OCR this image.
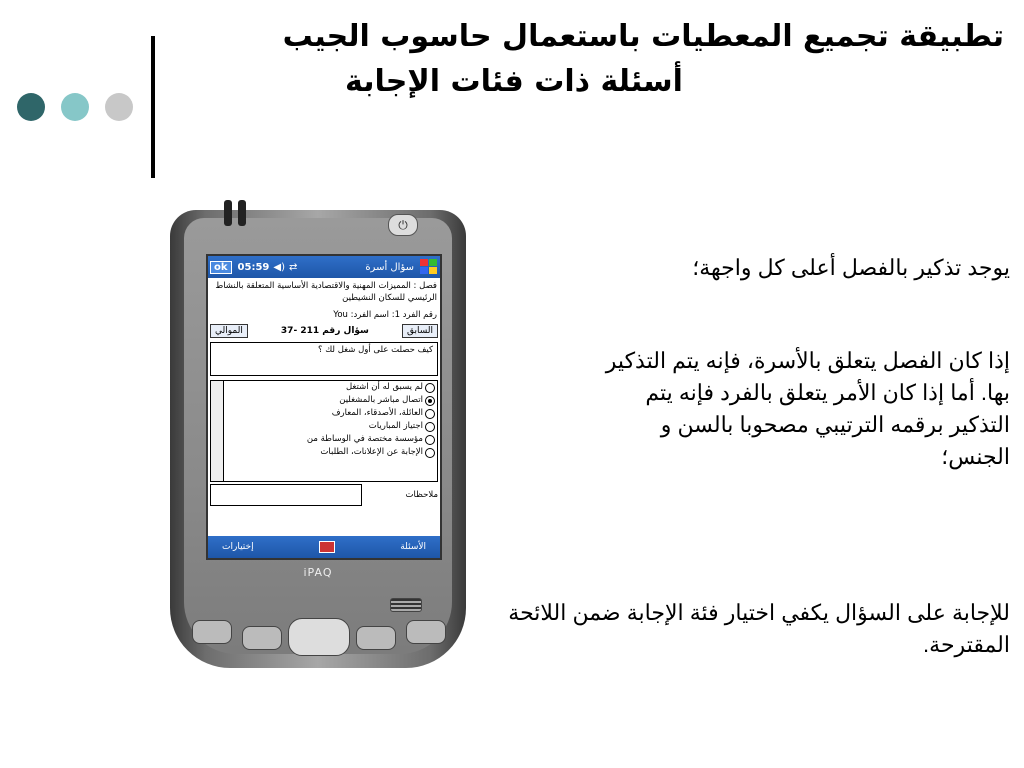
تطبيقة تجميع المعطيات باستعمال حاسوب الجيب

أسئلة ذات فئات الإجابة
يوجد تذكير بالفصل أعلى كل واجهة؛
إذا كان الفصل يتعلق بالأسرة، فإنه يتم التذكير بها. أما إذا كان الأمر يتعلق بالفرد فإنه يتم التذكير برقمه الترتيبي مصحوبا بالسن و الجنس؛
للإجابة على السؤال يكفي اختيار فئة الإجابة ضمن اللائحة المقترحة.
⏻
ok	05:59 ◀) ⇄	سؤال أسرة
فصل : المميزات المهنية والاقتصادية الأساسية المتعلقة بالنشاط الرئيسي للسكان النشيطين
You :رقم الفرد 1: اسم الفرد
الموالي	سؤال رقم 211 -37	السابق
كيف حصلت على أول شغل لك ؟
لم يسبق له أن اشتغل
اتصال مباشر بالمشغلين
العائلة، الأصدقاء، المعارف
اجتياز المباريات
مؤسسة مختصة في الوساطة من
الإجابة عن الإعلانات، الطلبات
ملاحظات
الأسئلة
إختيارات
iPAQ
